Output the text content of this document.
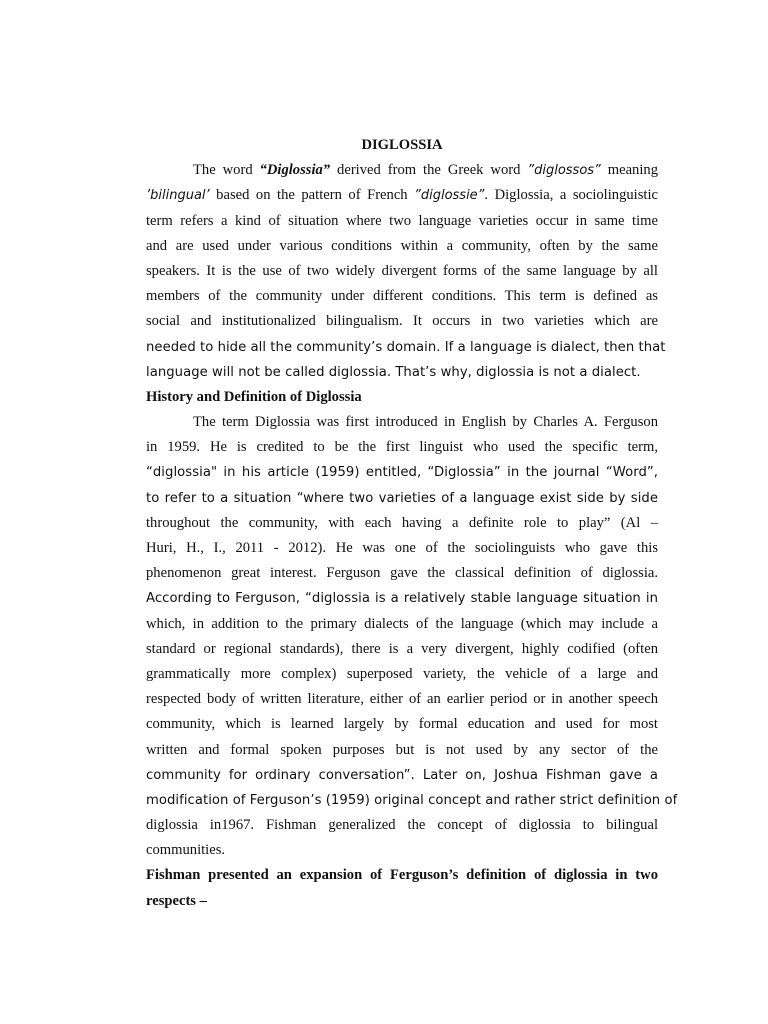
DIGLOSSIA
The word “Diglossia” derived from the Greek word ”diglossos” meaning
’bilingual’ based on the pattern of French ”diglossie”. Diglossia, a sociolinguistic
term refers a kind of situation where two language varieties occur in same time
and are used under various conditions within a community, often by the same
speakers. It is the use of two widely divergent forms of the same language by all
members of the community under different conditions. This term is defined as
social and institutionalized bilingualism. It occurs in two varieties which are
needed to hide all the community’s domain. If a language is dialect, then that
language will not be called diglossia. That’s why, diglossia is not a dialect.
History and Definition of Diglossia
The term Diglossia was first introduced in English by Charles A. Ferguson
in 1959. He is credited to be the first linguist who used the specific term,
“diglossia" in his article (1959) entitled, “Diglossia” in the journal “Word”,
to refer to a situation “where two varieties of a language exist side by side
throughout the community, with each having a definite role to play” (Al –
Huri, H., I., 2011 - 2012). He was one of the sociolinguists who gave this
phenomenon great interest. Ferguson gave the classical definition of diglossia.
According to Ferguson, “diglossia is a relatively stable language situation in
which, in addition to the primary dialects of the language (which may include a
standard or regional standards), there is a very divergent, highly codified (often
grammatically more complex) superposed variety, the vehicle of a large and
respected body of written literature, either of an earlier period or in another speech
community, which is learned largely by formal education and used for most
written and formal spoken purposes but is not used by any sector of the
community for ordinary conversation”. Later on, Joshua Fishman gave a
modification of Ferguson’s (1959) original concept and rather strict definition of
diglossia in1967. Fishman generalized the concept of diglossia to bilingual
communities.
Fishman presented an expansion of Ferguson’s definition of diglossia in two
respects –
